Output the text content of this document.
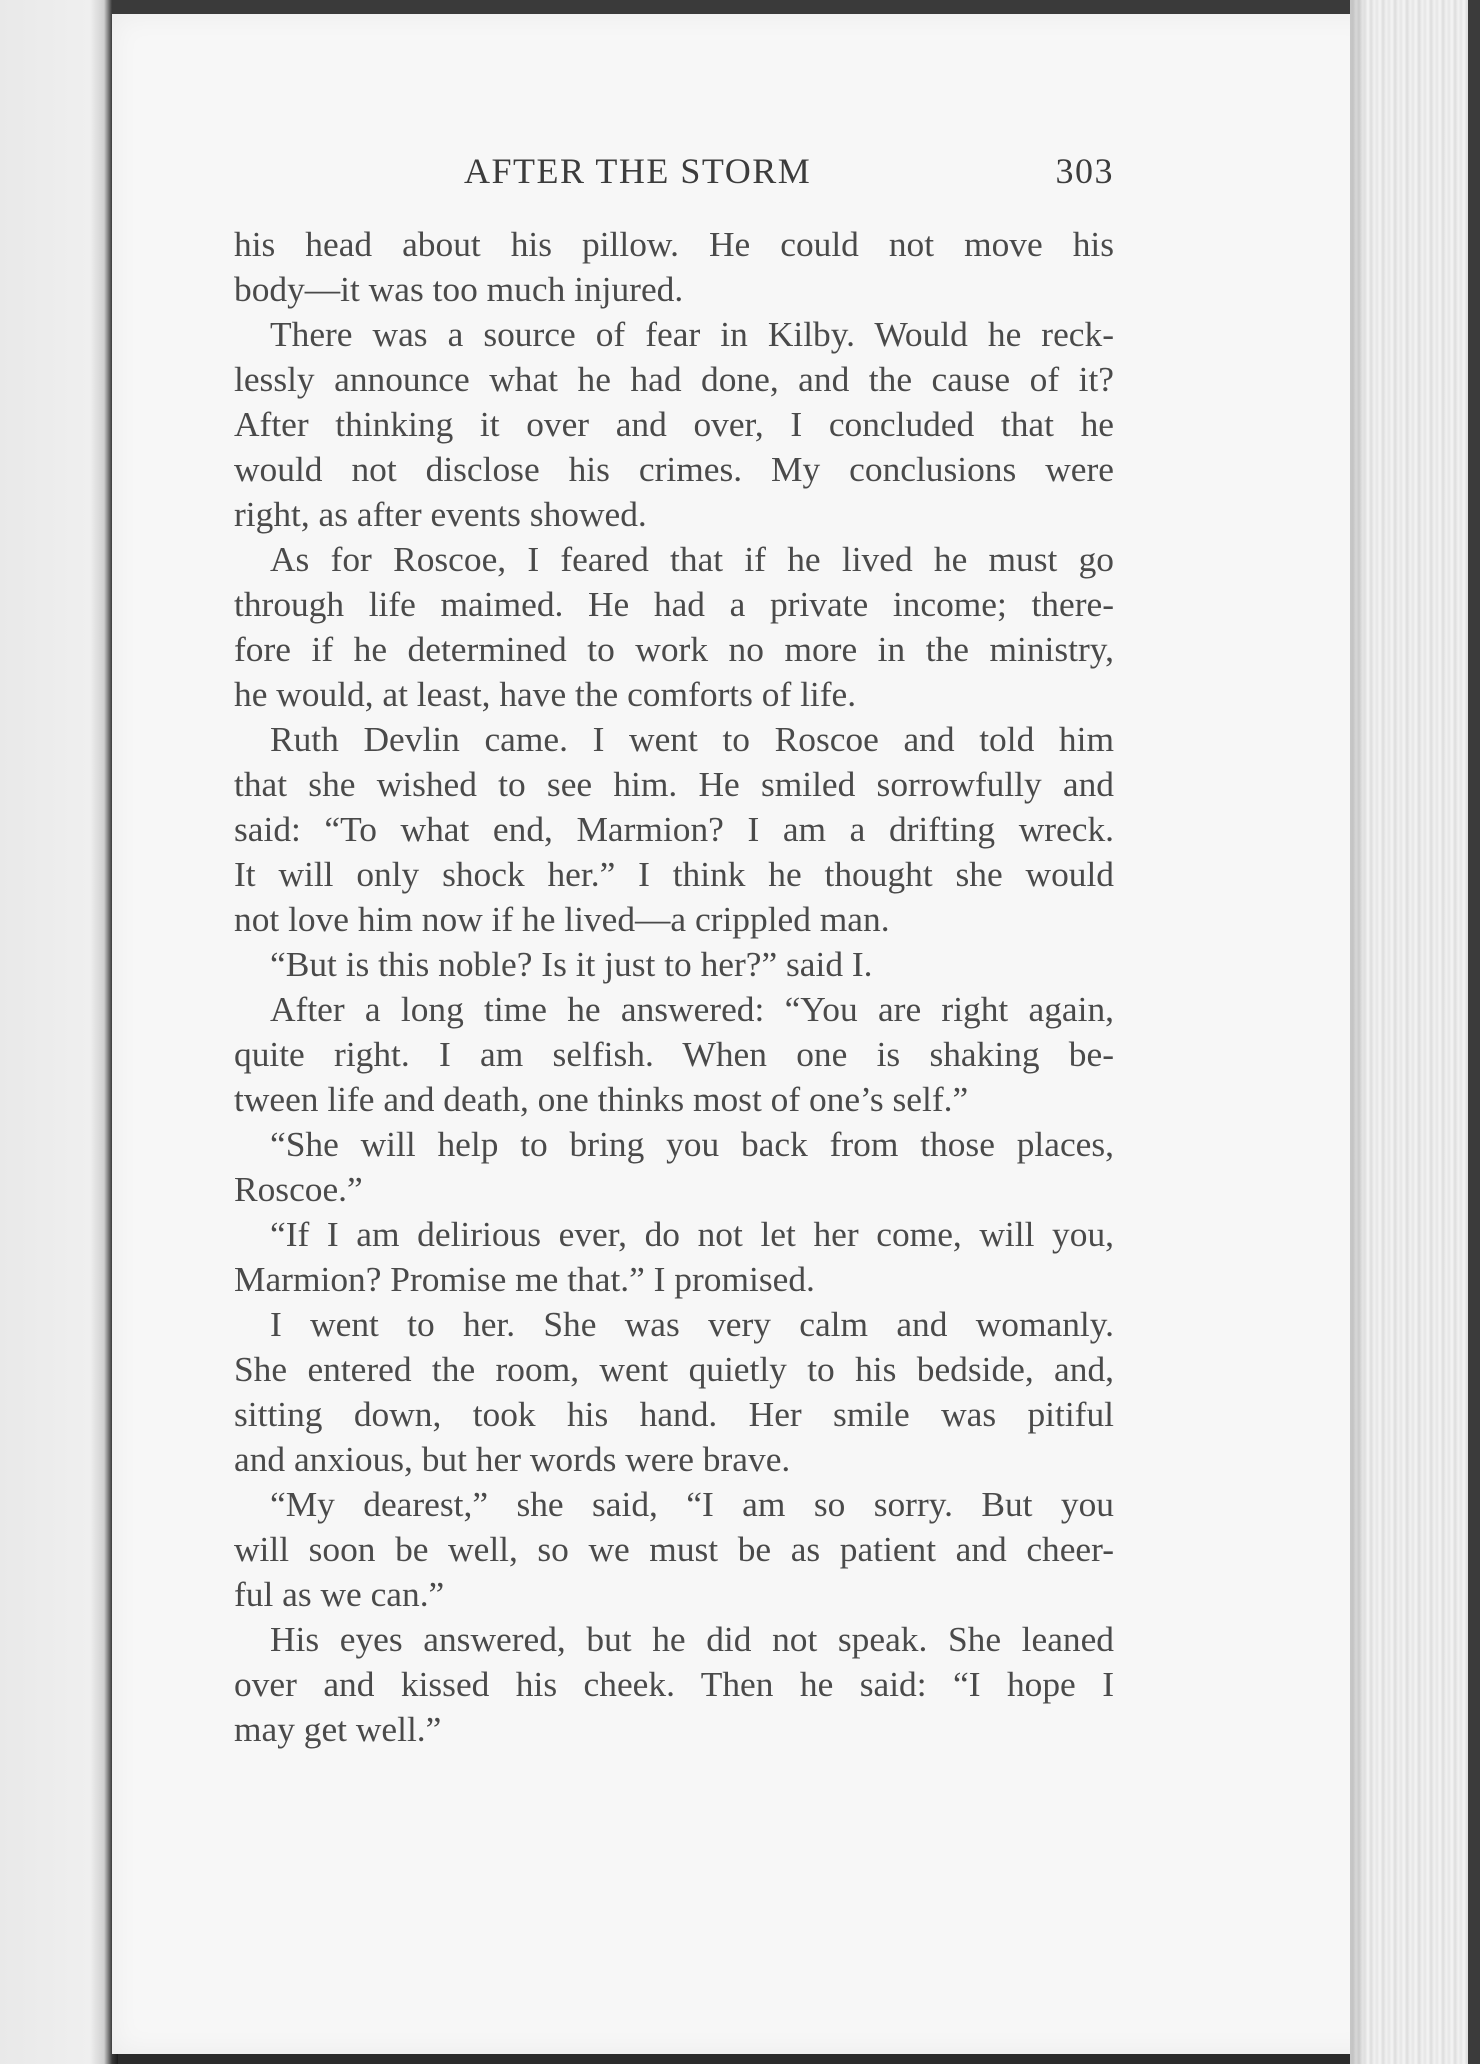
AFTER THE STORM	303
his head about his pillow. He could not move his
body—it was too much injured.
There was a source of fear in Kilby. Would he reck-
lessly announce what he had done, and the cause of it?
After thinking it over and over, I concluded that he
would not disclose his crimes. My conclusions were
right, as after events showed.
As for Roscoe, I feared that if he lived he must go
through life maimed. He had a private income; there-
fore if he determined to work no more in the ministry,
he would, at least, have the comforts of life.
Ruth Devlin came. I went to Roscoe and told him
that she wished to see him. He smiled sorrowfully and
said: “To what end, Marmion? I am a drifting wreck.
It will only shock her.” I think he thought she would
not love him now if he lived—a crippled man.
“But is this noble? Is it just to her?” said I.
After a long time he answered: “You are right again,
quite right. I am selfish. When one is shaking be-
tween life and death, one thinks most of one’s self.”
“She will help to bring you back from those places,
Roscoe.”
“If I am delirious ever, do not let her come, will you,
Marmion? Promise me that.” I promised.
I went to her. She was very calm and womanly.
She entered the room, went quietly to his bedside, and,
sitting down, took his hand. Her smile was pitiful
and anxious, but her words were brave.
“My dearest,” she said, “I am so sorry. But you
will soon be well, so we must be as patient and cheer-
ful as we can.”
His eyes answered, but he did not speak. She leaned
over and kissed his cheek. Then he said: “I hope I
may get well.”
